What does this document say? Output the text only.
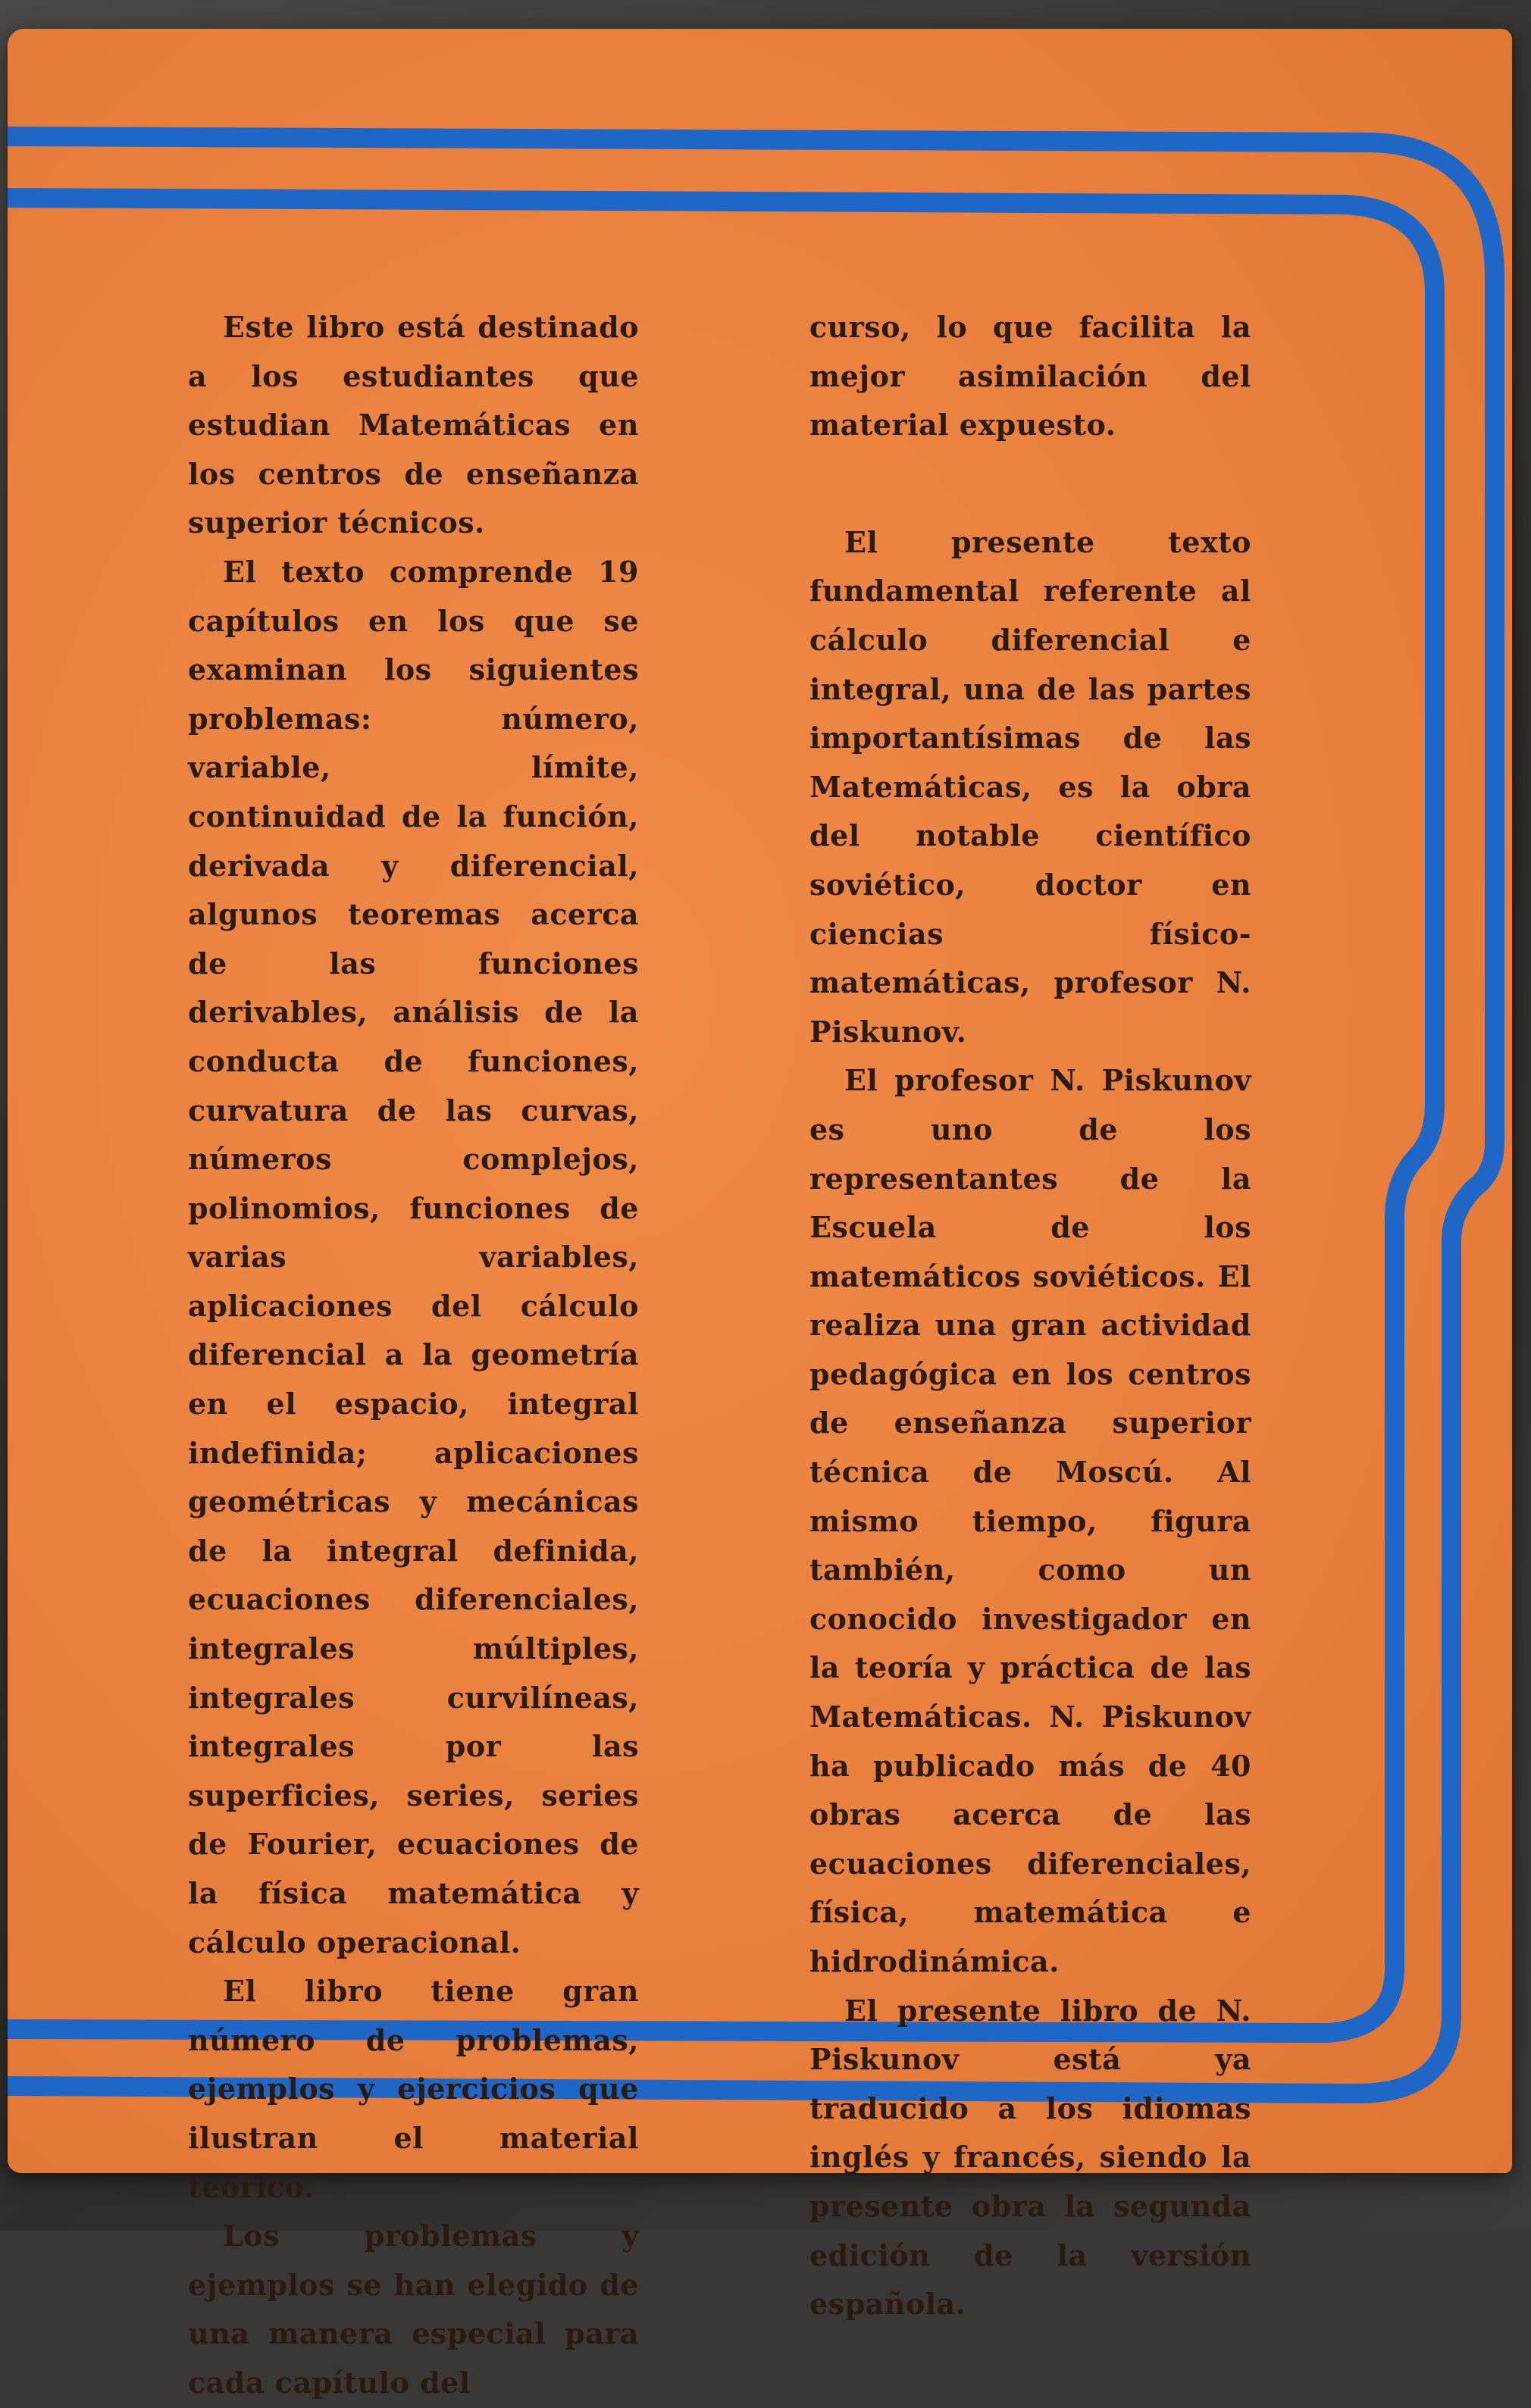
Este libro está destinado a los estudiantes que estudian Matemáticas en los centros de enseñanza superior técnicos.

El texto comprende 19 capítulos en los que se examinan los siguientes problemas: número, variable, límite, continuidad de la función, derivada y diferencial, algunos teoremas acerca de las funciones derivables, análisis de la conducta de funciones, curvatura de las curvas, números complejos, polinomios, funciones de varias variables, aplicaciones del cálculo diferencial a la geometría en el espacio, integral indefinida; aplicaciones geométricas y mecánicas de la integral definida, ecuaciones diferenciales, integrales múltiples, integrales curvilíneas, integrales por las superficies, series, series de Fourier, ecuaciones de la física matemática y cálculo operacional.

El libro tiene gran número de problemas, ejemplos y ejercicios que ilustran el material teórico.

Los problemas y ejemplos se han elegido de una manera especial para cada capítulo del

curso, lo que facilita la mejor asimilación del material expuesto.

El presente texto fundamental referente al cálculo diferencial e integral, una de las partes importantísimas de las Matemáticas, es la obra del notable científico soviético, doctor en ciencias físico-matemáticas, profesor N. Piskunov.

El profesor N. Piskunov es uno de los representantes de la Escuela de los matemáticos soviéticos. El realiza una gran actividad pedagógica en los centros de enseñanza superior técnica de Moscú. Al mismo tiempo, figura también, como un conocido investigador en la teoría y práctica de las Matemáticas. N. Piskunov ha publicado más de 40 obras acerca de las ecuaciones diferenciales, física, matemática e hidrodinámica.

El presente libro de N. Piskunov está ya traducido a los idiomas inglés y francés, siendo la presente obra la segunda edición de la versión española.
